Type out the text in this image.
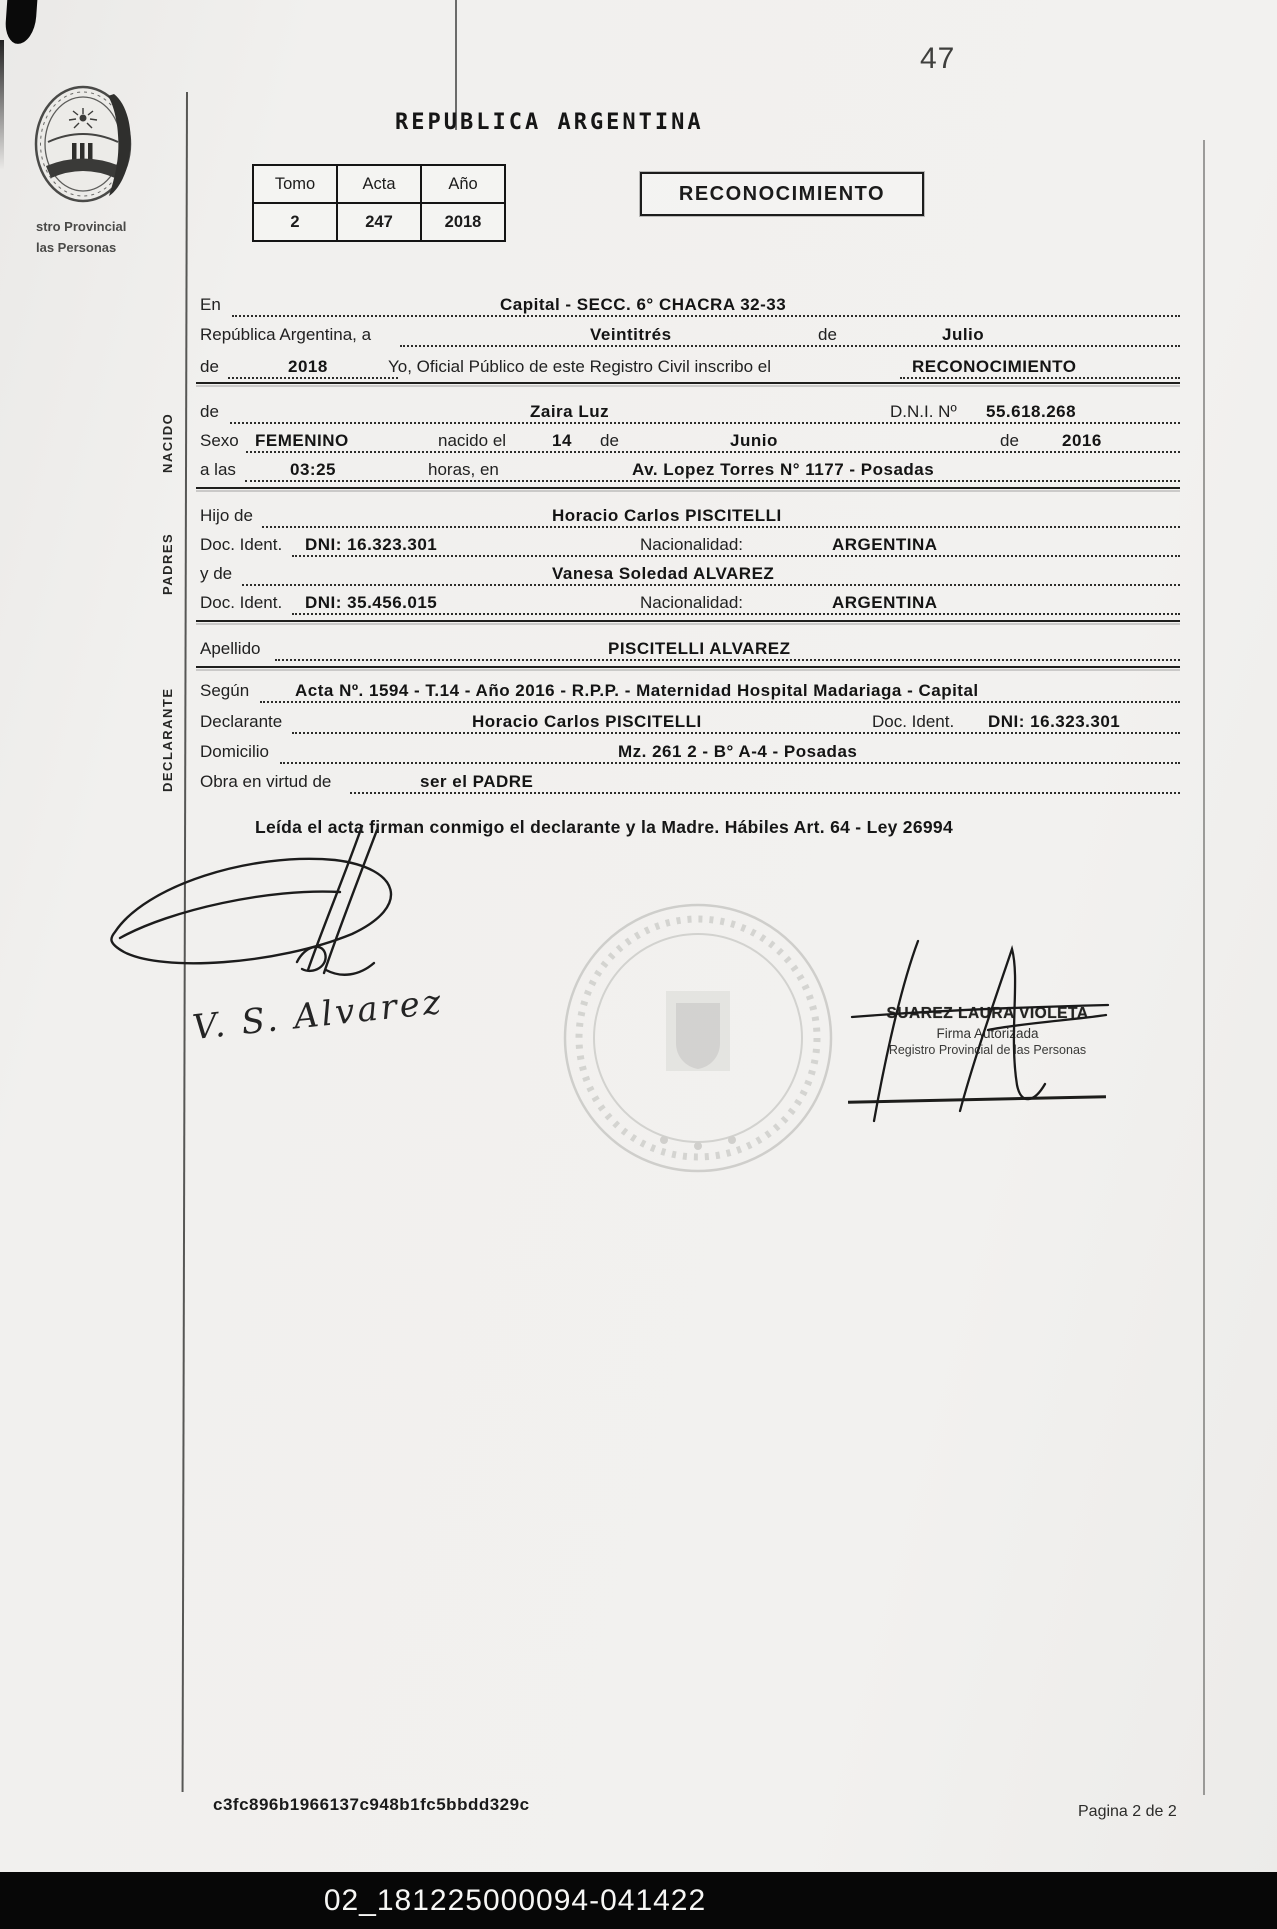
47
stro Provincial
las Personas
REPUBLICA ARGENTINA
Tomo	Acta	Año
2	247	2018
RECONOCIMIENTO
NACIDO
PADRES
DECLARANTE
En	Capital - SECC. 6° CHACRA 32-33
República Argentina, a	Veintitrés	de	Julio
de	2018	Yo, Oficial Público de este Registro Civil inscribo el	RECONOCIMIENTO
de	Zaira Luz	D.N.I. Nº 55.618.268
Sexo FEMENINO	nacido el	14 de	Junio	de	2016
a las	03:25	horas, en	Av. Lopez Torres N° 1177 - Posadas
Hijo de	Horacio Carlos PISCITELLI
Doc. Ident. DNI: 16.323.301	Nacionalidad:	ARGENTINA
y de	Vanesa Soledad ALVAREZ
Doc. Ident. DNI: 35.456.015	Nacionalidad:	ARGENTINA
Apellido	PISCITELLI ALVAREZ
Según	Acta Nº. 1594 - T.14 - Año 2016 - R.P.P. - Maternidad Hospital Madariaga - Capital
Declarante	Horacio Carlos PISCITELLI	Doc. Ident. DNI: 16.323.301
Domicilio	Mz. 261 2 - B° A-4 - Posadas
Obra en virtud de	ser el PADRE
Leída el acta firman conmigo el declarante y la Madre. Hábiles Art. 64 - Ley 26994
V. S. Alvarez	SUAREZ LAURA VIOLETA
Firma Autorizada
Registro Provincial de las Personas
c3fc896b1966137c948b1fc5bbdd329c	Pagina 2 de 2
02_181225000094-041422
